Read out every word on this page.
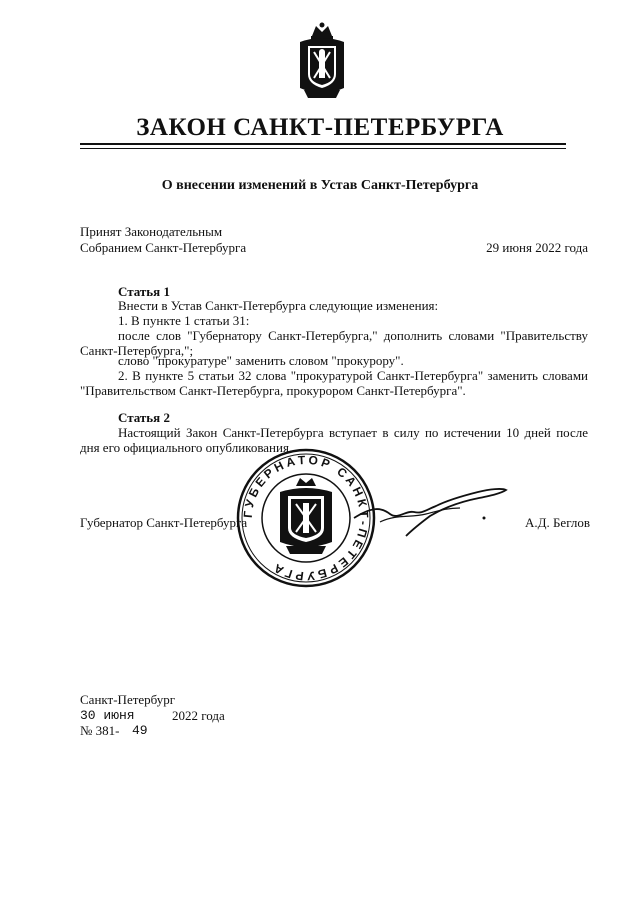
ЗАКОН САНКТ-ПЕТЕРБУРГА
О внесении изменений в Устав Санкт-Петербурга
Принят Законодательным
Собранием Санкт-Петербурга	29 июня 2022 года
Статья 1
Внести в Устав Санкт-Петербурга следующие изменения:
1. В пункте 1 статьи 31:
после слов "Губернатору Санкт-Петербурга," дополнить словами "Правительству Санкт-Петербурга,";
слово "прокуратуре" заменить словом "прокурору".
2. В пункте 5 статьи 32 слова "прокуратурой Санкт-Петербурга" заменить словами "Правительством Санкт-Петербурга, прокурором Санкт-Петербурга".
Статья 2
Настоящий Закон Санкт-Петербурга вступает в силу по истечении 10 дней после дня его официального опубликования.
ГУБЕРНАТОР САНКТ-ПЕТЕРБУРГА
Губернатор Санкт-Петербурга	А.Д. Беглов
Санкт-Петербург
30 июня	2022 года
№ 381- 49
